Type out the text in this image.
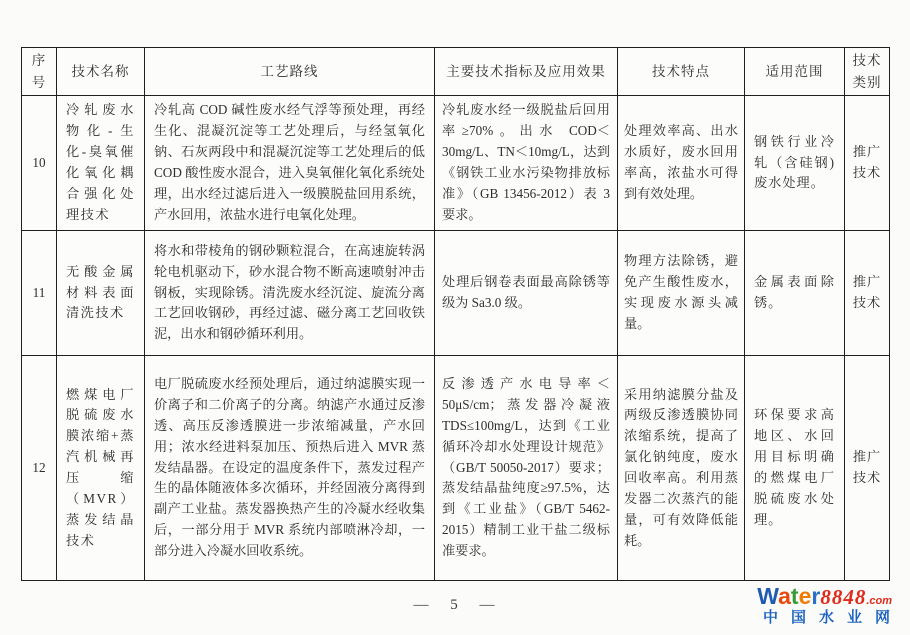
序号	技术名称	工艺路线	主要技术指标及应用效果	技术特点	适用范围	技术类别
10	冷轧废水物化-生化-臭氧催化氧化耦合强化处理技术	冷轧高 COD 碱性废水经气浮等预处理，再经生化、混凝沉淀等工艺处理后，与经氢氧化钠、石灰两段中和混凝沉淀等工艺处理后的低 COD 酸性废水混合，进入臭氧催化氧化系统处理，出水经过滤后进入一级膜脱盐回用系统，产水回用，浓盐水进行电氧化处理。	冷轧废水经一级脱盐后回用率≥70%。出水 COD＜30mg/L、TN＜10mg/L，达到《钢铁工业水污染物排放标准》（GB 13456-2012）表 3 要求。	处理效率高、出水水质好，废水回用率高，浓盐水可得到有效处理。	钢铁行业冷轧（含硅钢)废水处理。	推广技术
11	无酸金属材料表面清洗技术	将水和带棱角的钢砂颗粒混合，在高速旋转涡轮电机驱动下，砂水混合物不断高速喷射冲击钢板，实现除锈。清洗废水经沉淀、旋流分离工艺回收钢砂，再经过滤、磁分离工艺回收铁泥，出水和钢砂循环利用。	处理后钢卷表面最高除锈等级为 Sa3.0 级。	物理方法除锈，避免产生酸性废水，实现废水源头减量。	金属表面除锈。	推广技术
12	燃煤电厂脱硫废水膜浓缩+蒸汽机械再压缩（MVR）蒸发结晶技术	电厂脱硫废水经预处理后，通过纳滤膜实现一价离子和二价离子的分离。纳滤产水通过反渗透、高压反渗透膜进一步浓缩减量，产水回用；浓水经进料泵加压、预热后进入 MVR 蒸发结晶器。在设定的温度条件下，蒸发过程产生的晶体随液体多次循环，并经固液分离得到副产工业盐。蒸发器换热产生的冷凝水经收集后，一部分用于 MVR 系统内部喷淋冷却，一部分进入冷凝水回收系统。	反渗透产水电导率＜50μS/cm；蒸发器冷凝液 TDS≤100mg/L，达到《工业循环冷却水处理设计规范》（GB/T 50050-2017）要求；蒸发结晶盐纯度≥97.5%，达到《工业盐》（GB/T 5462-2015）精制工业干盐二级标准要求。	采用纳滤膜分盐及两级反渗透膜协同浓缩系统，提高了氯化钠纯度，废水回收率高。利用蒸发器二次蒸汽的能量，可有效降低能耗。	环保要求高地区、水回用目标明确的燃煤电厂脱硫废水处理。	推广技术
— 5 —	Water8848.com
中国水业网
